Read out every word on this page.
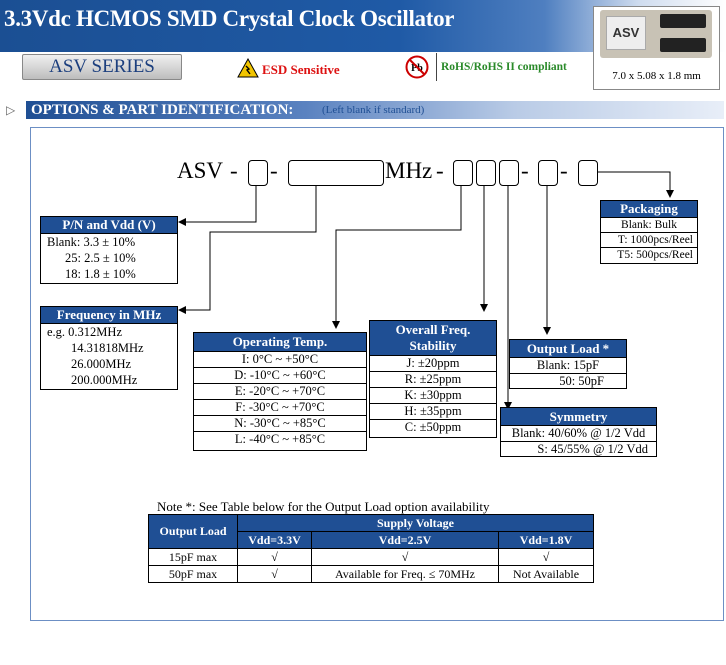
3.3Vdc HCMOS SMD Crystal Clock Oscillator
ASV SERIES	ESD Sensitive	Pb RoHS/RoHS II compliant
ASV
7.0 x 5.08 x 1.8 mm
▷ OPTIONS & PART IDENTIFICATION:	(Left blank if standard)
ASV - -	MHz -	- -
P/N and Vdd (V)
Blank: 3.3 ± 10%
25: 2.5 ± 10%
18: 1.8 ± 10%
Frequency in MHz
e.g. 0.312MHz
14.31818MHz
26.000MHz
200.000MHz
Operating Temp.
I: 0°C ~ +50°C
D: -10°C ~ +60°C
E: -20°C ~ +70°C
F: -30°C ~ +70°C
N: -30°C ~ +85°C
L: -40°C ~ +85°C
Overall Freq.
Stability
J: ±20ppm
R: ±25ppm
K: ±30ppm
H: ±35ppm
C: ±50ppm
Output Load *
Blank: 15pF
50: 50pF
Symmetry
Blank: 40/60% @ 1/2 Vdd
S: 45/55% @ 1/2 Vdd
Packaging
Blank: Bulk
T: 1000pcs/Reel
T5: 500pcs/Reel
Note *: See Table below for the Output Load option availability
Output Load	Supply Voltage		
	Vdd=3.3V	Vdd=2.5V	Vdd=1.8V
15pF max	√	√	√
50pF max	√	Available for Freq. ≤ 70MHz	Not Available
